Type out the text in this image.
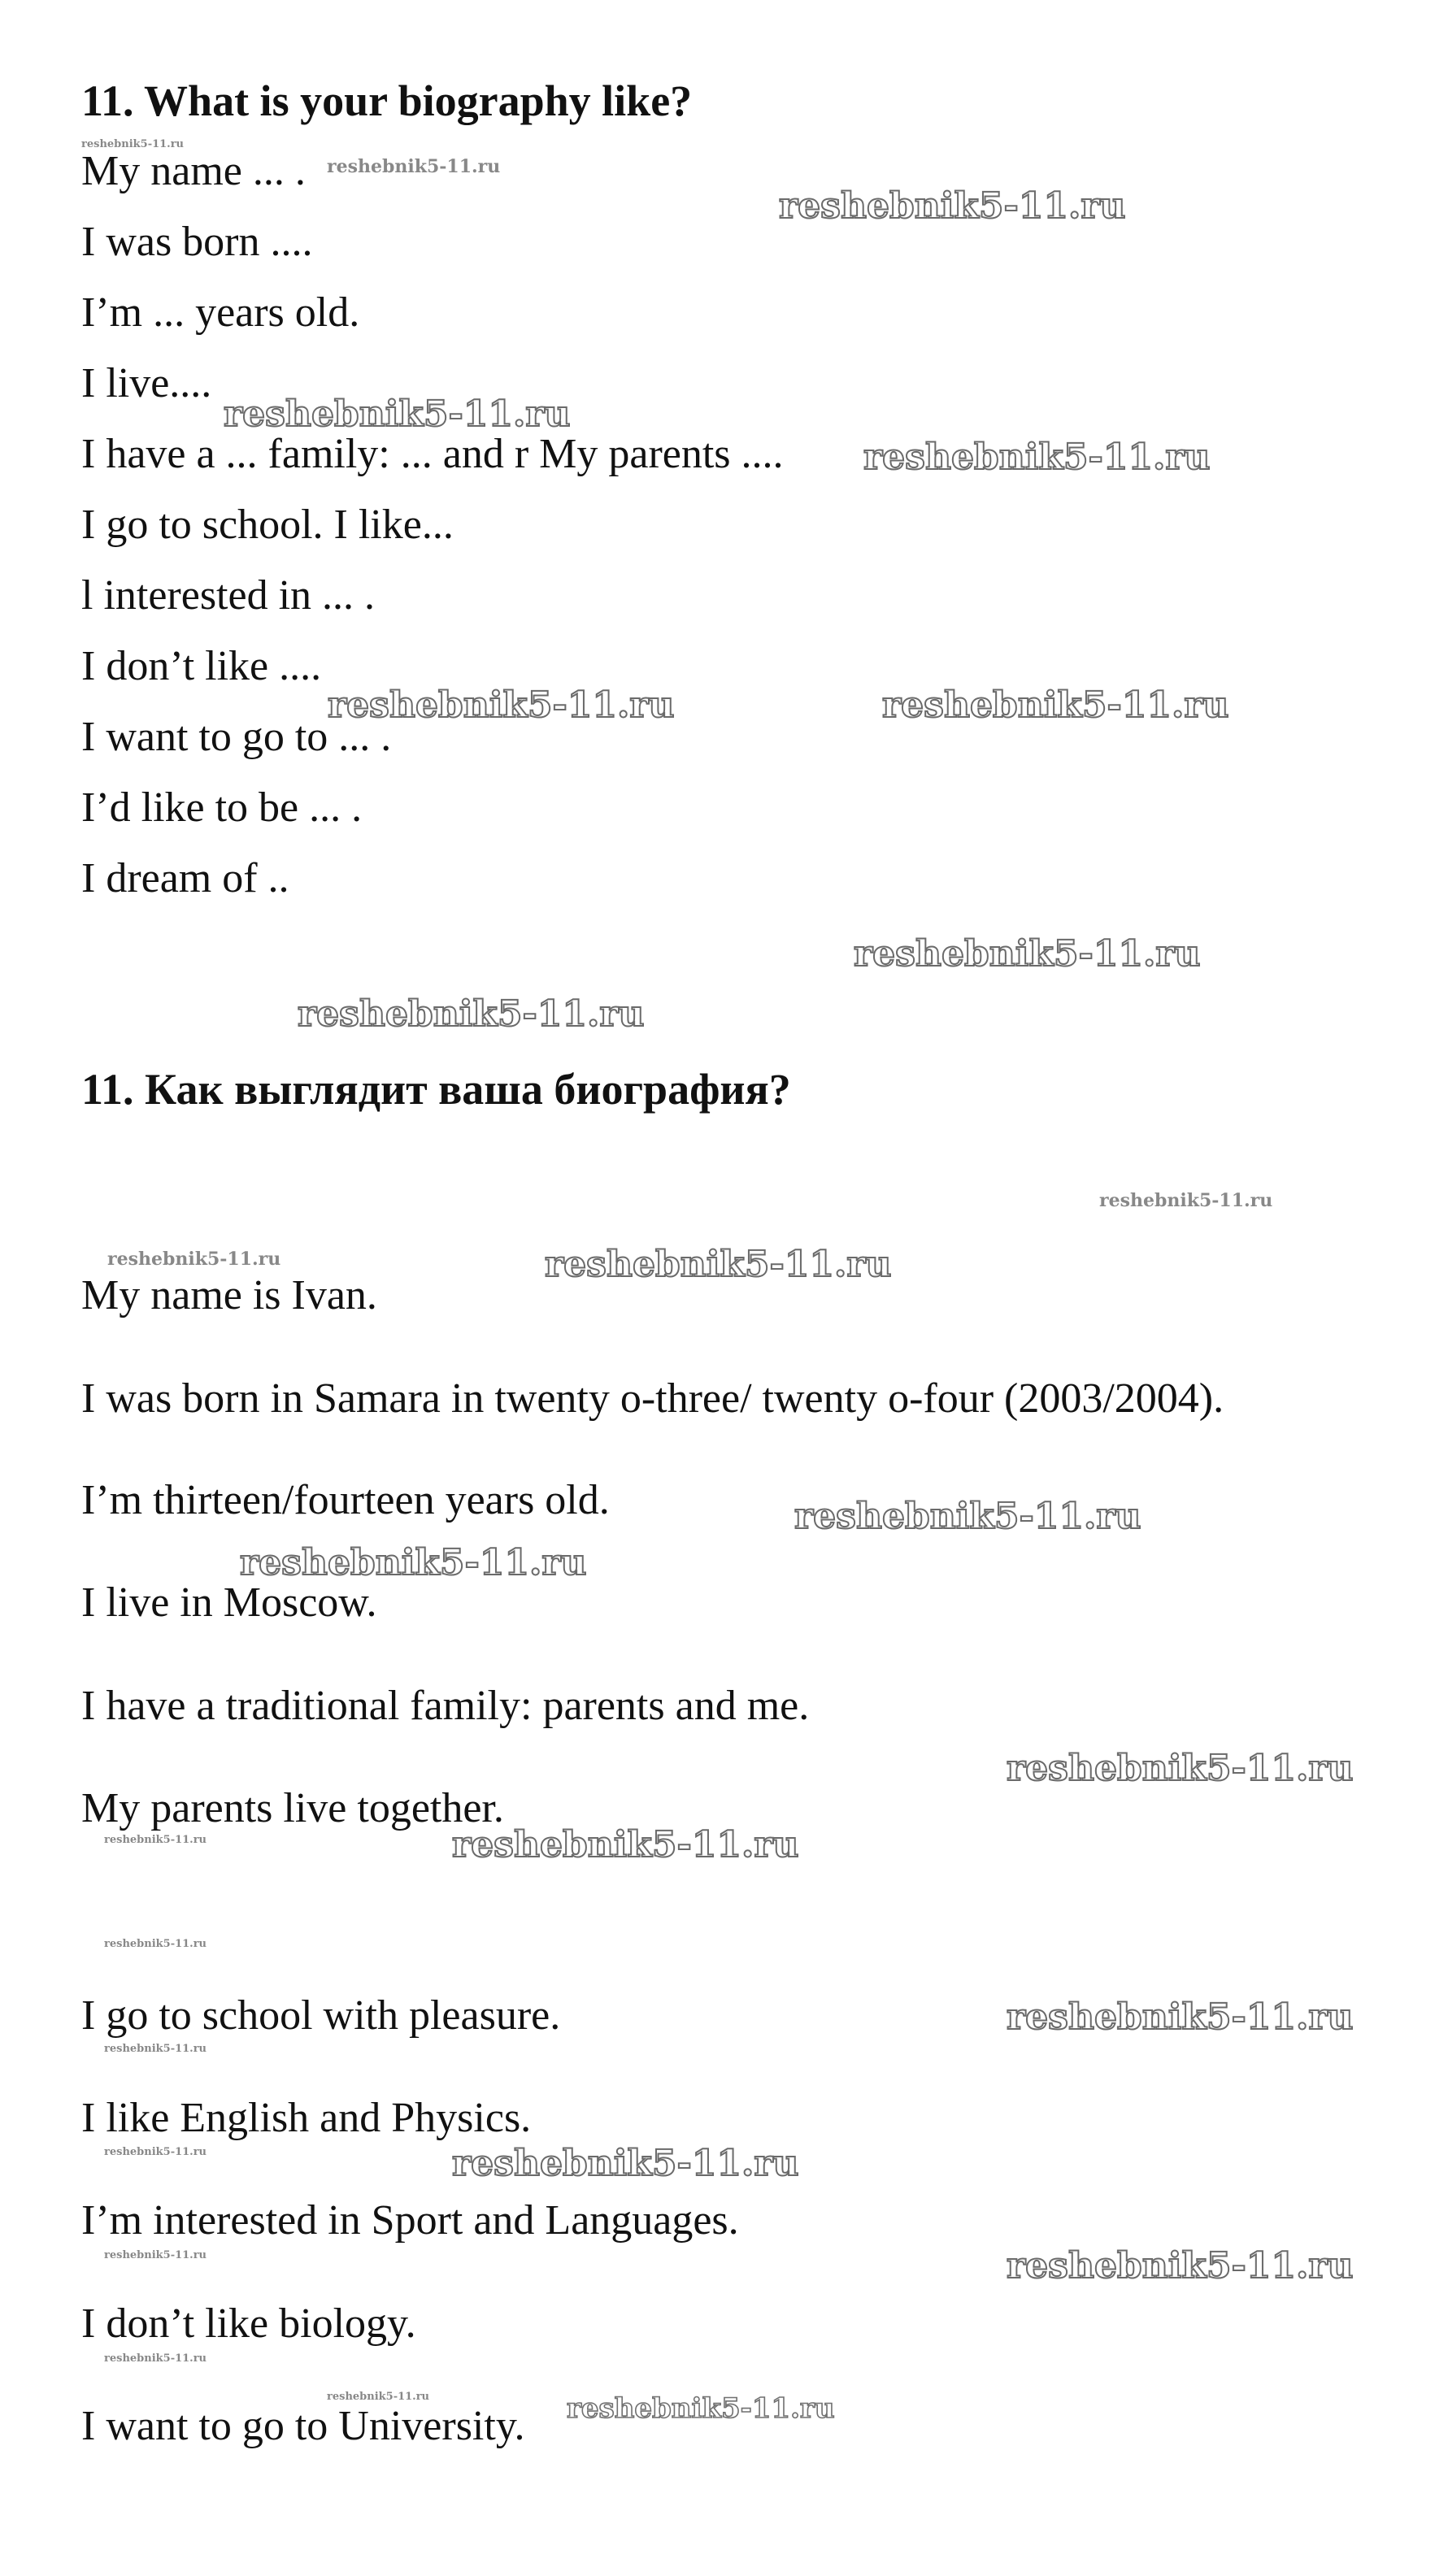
11. What is your biography like?
My name ... .
I was born ....
I’m ... years old.
I live....
I have a ... family: ... and r My parents ....
I go to school. I like...
l interested in ... .
I don’t like ....
I want to go to ... .
I’d like to be ... .
I dream of ..
11. Как выглядит ваша биография?
My name is Ivan.
I was born in Samara in twenty o-three/ twenty o-four (2003/2004).
I’m thirteen/fourteen years old.
I live in Moscow.
I have a traditional family: parents and me.
My parents live together.
I go to school with pleasure.
I like English and Physics.
I’m interested in Sport and Languages.
I don’t like biology.
I want to go to University.
reshebnik5-11.ru
reshebnik5-11.ru
reshebnik5-11.ru
reshebnik5-11.ru
reshebnik5-11.ru
reshebnik5-11.ru	reshebnik5-11.ru
reshebnik5-11.ru
reshebnik5-11.ru
reshebnik5-11.ru
reshebnik5-11.ru	reshebnik5-11.ru
reshebnik5-11.ru
reshebnik5-11.ru
reshebnik5-11.ru
reshebnik5-11.ru	reshebnik5-11.ru
reshebnik5-11.ru
reshebnik5-11.ru
reshebnik5-11.ru
reshebnik5-11.ru	reshebnik5-11.ru
reshebnik5-11.ru	reshebnik5-11.ru
reshebnik5-11.ru
reshebnik5-11.ru	reshebnik5-11.ru
